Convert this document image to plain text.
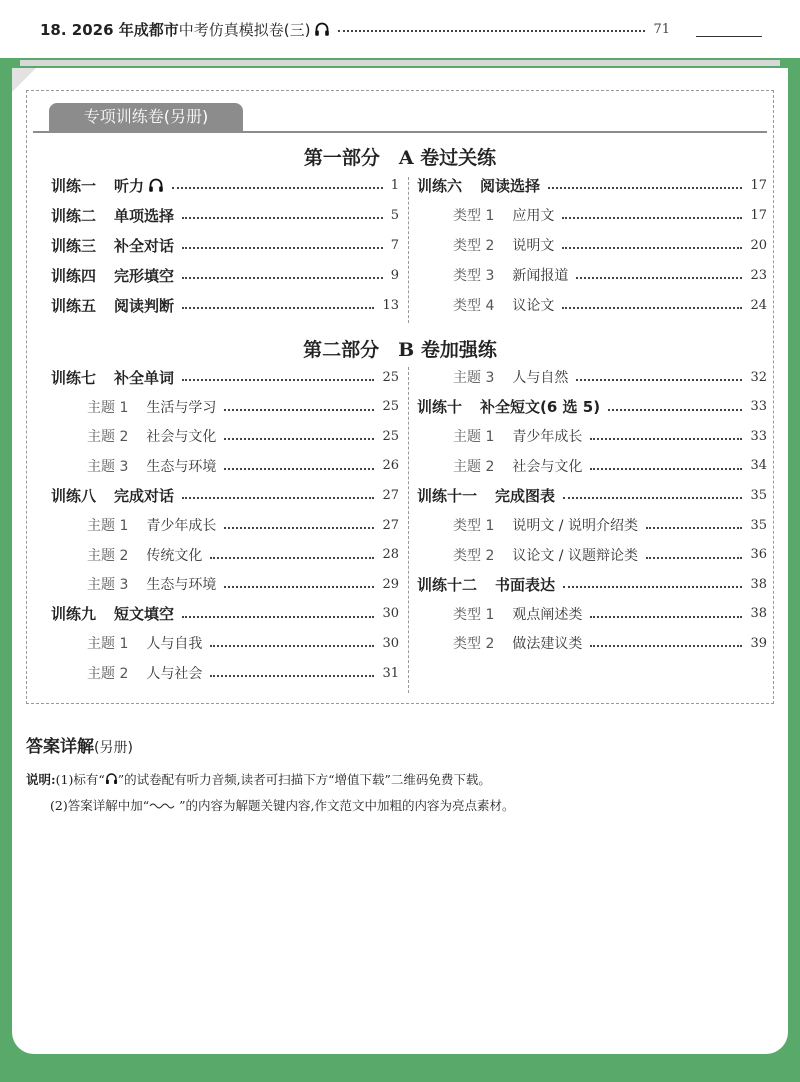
18. 2026 年成都市 中考仿真模拟卷(三)	71
专项训练卷(另册)
第一部分　A 卷过关练
第二部分　B 卷加强练
训练一 听力	1
训练二 单项选择	5
训练三 补全对话	7
训练四 完形填空	9
训练五 阅读判断	13
训练六 阅读选择	17
类型 1 应用文	17
类型 2 说明文	20
类型 3 新闻报道	23
类型 4 议论文	24
训练七 补全单词	25
主题 1 生活与学习	25
主题 2 社会与文化	25
主题 3 生态与环境	26
训练八 完成对话	27
主题 1 青少年成长	27
主题 2 传统文化	28
主题 3 生态与环境	29
训练九 短文填空	30
主题 1 人与自我	30
主题 2 人与社会	31
主题 3 人与自然	32
训练十 补全短文(6 选 5)	33
主题 1 青少年成长	33
主题 2 社会与文化	34
训练十一 完成图表	35
类型 1 说明文 / 说明介绍类	35
类型 2 议论文 / 议题辩论类	36
训练十二 书面表达	38
类型 1 观点阐述类	38
类型 2 做法建议类	39
答案详解(另册)
说明:(1)标有“ ”的试卷配有听力音频,读者可扫描下方“增值下载”二维码免费下载。
(2)答案详解中加“ ”的内容为解题关键内容,作文范文中加粗的内容为亮点素材。
